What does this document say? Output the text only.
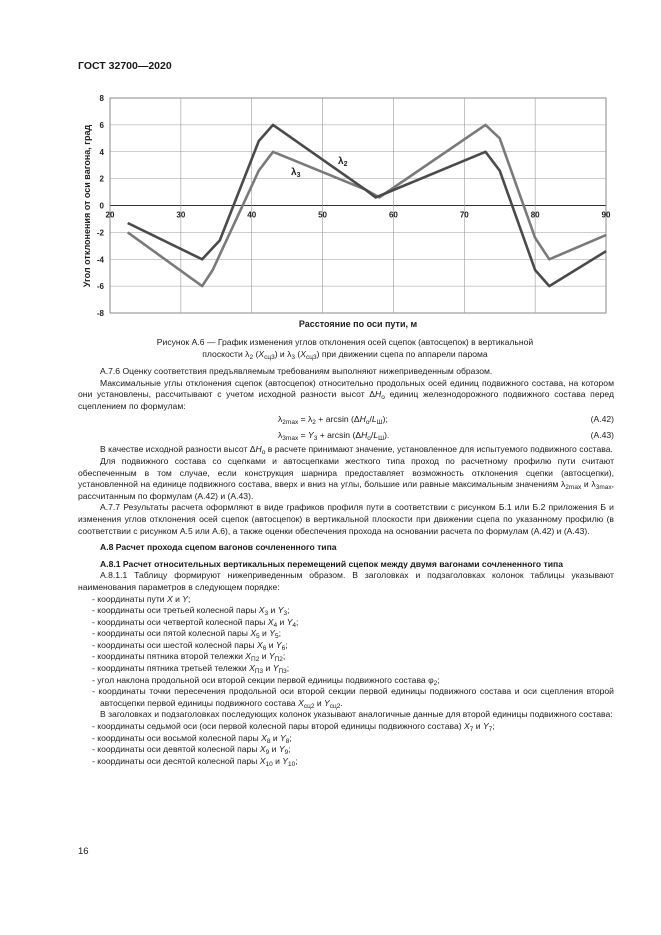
ГОСТ 32700—2020
8
6
4
2
0
-2
-4
-6
-8
20	30	40	50	60	70	80	90
$\lambda_2$
$\lambda_3$
Угол отклонения от оси вагона, град
Расстояние по оси пути, м
Рисунок А.6 — График изменения углов отклонения осей сцепок (автосцепок) в вертикальной
плоскости $\lambda_2$ $(X_{сц3})$ и $\lambda_3$ $(X_{сц3})$ при движении сцепа по аппарели парома

А.7.6 Оценку соответствия предъявляемым требованиям выполняют нижеприведенным образом.

Максимальные углы отклонения сцепок (автосцепок) относительно продольных осей единиц подвижного состава, на котором они установлены, рассчитывают с учетом исходной разности высот $\Delta H_o$ единиц железнодорожного подвижного состава перед сцеплением по формулам:

$\lambda_{2max} = \lambda_2 + \arcsin (\Delta H_o/L_Ш)$;	(А.42)
$\lambda_{3max} = Y_3 + \arcsin (\Delta H_o/L_Ш)$.	(А.43)

В качестве исходной разности высот $\Delta H_o$ в расчете принимают значение, установленное для испытуемого подвижного состава.

Для подвижного состава со сцепками и автосцепками жесткого типа проход по расчетному профилю пути считают обеспеченным в том случае, если конструкция шарнира предоставляет возможность отклонения сцепки (автосцепки), установленной на единице подвижного состава, вверх и вниз на углы, большие или равные максимальным значениям $\lambda_{2max}$ и $\lambda_{3max}$, рассчитанным по формулам (А.42) и (А.43).

А.7.7 Результаты расчета оформляют в виде графиков профиля пути в соответствии с рисунком Б.1 или Б.2 приложения Б и изменения углов отклонения осей сцепок (автосцепок) в вертикальной плоскости при движении сцепа по указанному профилю (в соответствии с рисунком А.5 или А.6), а также оценки обеспечения прохода на основании расчета по формулам (А.42) и (А.43).

А.8 Расчет прохода сцепом вагонов сочлененного типа

А.8.1 Расчет относительных вертикальных перемещений сцепок между двумя вагонами сочлененного типа

А.8.1.1 Таблицу формируют нижеприведенным образом. В заголовках и подзаголовках колонок таблицы указывают наименования параметров в следующем порядке:

- координаты пути X и Y;

- координаты оси третьей колесной пары $X_3$ и $Y_3$;

- координаты оси четвертой колесной пары $X_4$ и $Y_4$;

- координаты оси пятой колесной пары $X_5$ и $Y_5$;

- координаты оси шестой колесной пары $X_6$ и $Y_6$;

- координаты пятника второй тележки $X_{П2}$ и $Y_{П2}$;

- координаты пятника третьей тележки $X_{П3}$ и $Y_{П3}$;

- угол наклона продольной оси второй секции первой единицы подвижного состава $\varphi_2$;

- координаты точки пересечения продольной оси второй секции первой единицы подвижного состава и оси сцепления второй автосцепки первой единицы подвижного состава $X_{сц2}$ и $Y_{сц2}$.

В заголовках и подзаголовках последующих колонок указывают аналогичные данные для второй единицы подвижного состава:

- координаты седьмой оси (оси первой колесной пары второй единицы подвижного состава) $X_7$ и $Y_7$;

- координаты оси восьмой колесной пары $X_8$ и $Y_8$;

- координаты оси девятой колесной пары $X_9$ и $Y_9$;

- координаты оси десятой колесной пары $X_{10}$ и $Y_{10}$;

16
